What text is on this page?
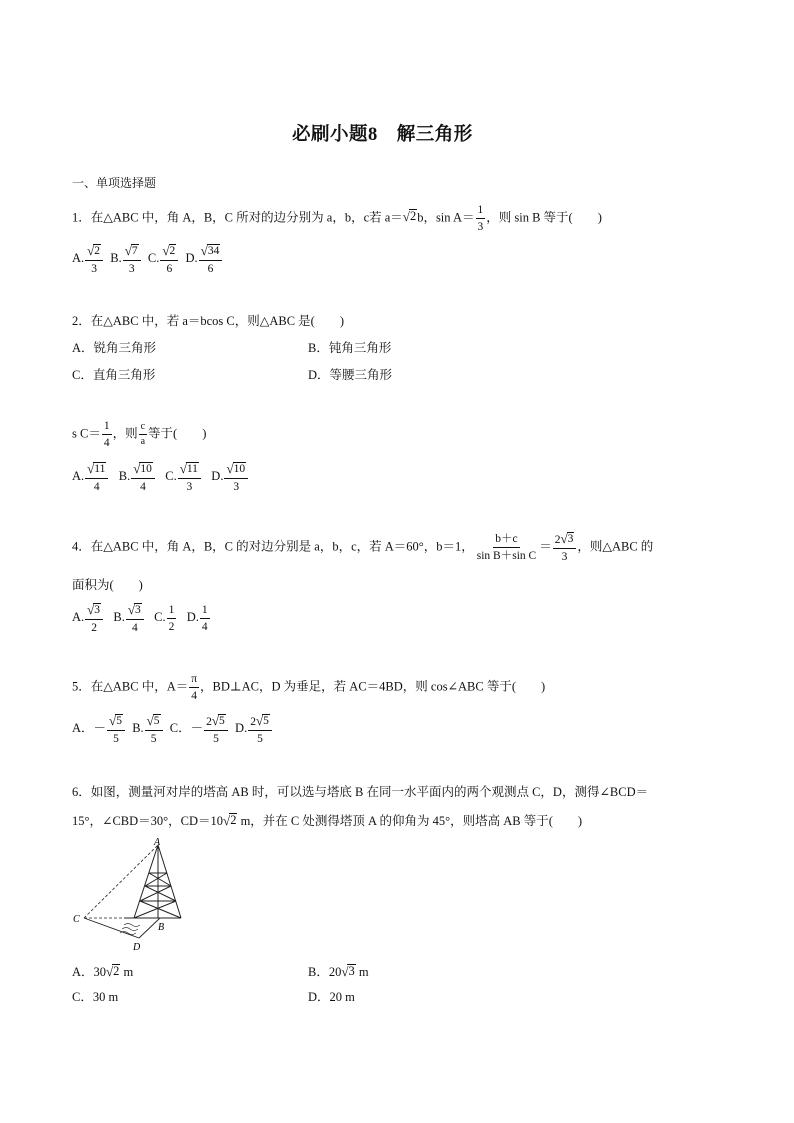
必刷小题8　解三角形
一、单项选择题
1．在△ABC 中，角 A，B，C 所对的边分别为 a，b，c若 a＝ √ 2 b，$\sin A= \frac{1}{3}$ ，则 sin B 等于(　　)
A. $\frac{√ 2}{3} B$. $\frac{√ 7}{3} C$. $\frac{√ 2}{6} D$. $\frac{√ 34}{6}$
2．在△ABC 中，若 a＝bcos C，则△ABC 是(　　)
A．锐角三角形	B．钝角三角形
C．直角三角形	D．等腰三角形
s $C= \frac{1}{4}$ ，则 $\frac{c}{a}$ 等于(　　)
A. $\frac{√ 11}{4} B$. $\frac{√ 10}{4} C$. $\frac{√ 11}{3} D$. $\frac{√ 10}{3}$
4．在△ABC 中，角 A，B，C 的对边分别是 a，b，c，若 A＝60°，b＝1， $\frac{b+c}{\text{sin B＋sin C}} = \frac{2 √ 3}{3}$ ，则△ABC 的
面积为(　　)
A. $\frac{√ 3}{2} B$. $\frac{√ 3}{4} C$. $\frac{1}{2} D$. $\frac{1}{4}$
5．在△ABC 中，$A= \frac{\pi}{4}$ ，BD⊥AC，D 为垂足，若 AC＝4BD，则 cos∠ABC 等于(　　)
A．－ $\frac{√ 5}{5} B$. $\frac{√ 5}{5}$ C．－ $\frac{2 √ 5}{5} D$. $\frac{2 √ 5}{5}$
6．如图，测量河对岸的塔高 AB 时，可以选与塔底 B 在同一水平面内的两个观测点 C，D，测得∠BCD＝
15°，∠CBD＝30°，CD＝10 √ 2 m，并在 C 处测得塔顶 A 的仰角为 45°，则塔高 AB 等于(　　)
A
B
C
D
A．30 √ 2 m	B．20 √ 3 m
C．30 m	D．20 m
